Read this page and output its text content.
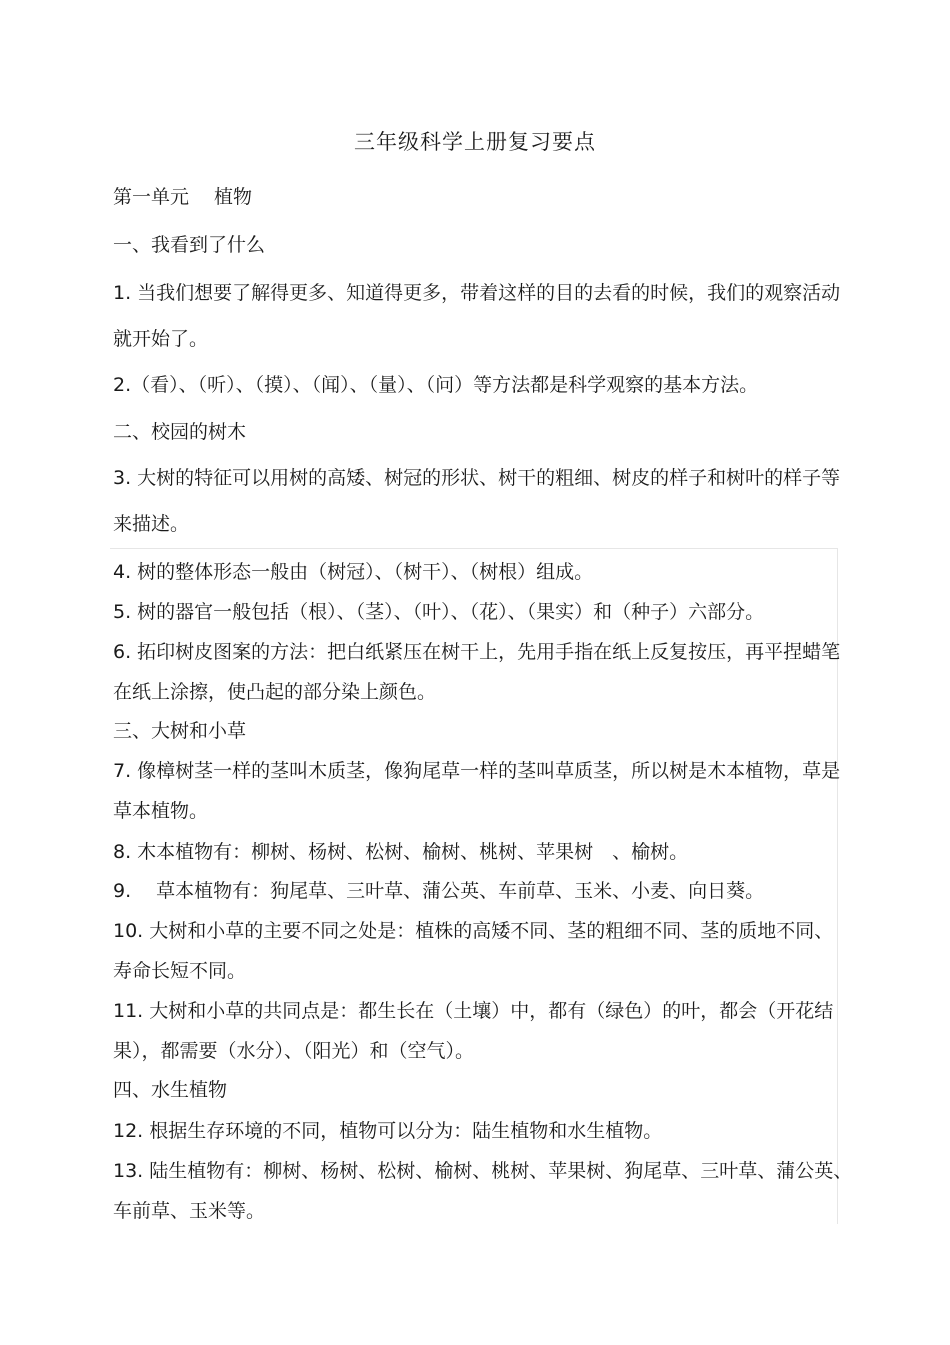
三年级科学上册复习要点
第一单元　 植物
一、我看到了什么
1. 当我们想要了解得更多、知道得更多，带着这样的目的去看的时候，我们的观察活动
就开始了。
2.（看）、（听）、（摸）、（闻）、（量）、（问）等方法都是科学观察的基本方法。
二、校园的树木
3. 大树的特征可以用树的高矮、树冠的形状、树干的粗细、树皮的样子和树叶的样子等
来描述。
4. 树的整体形态一般由（树冠）、（树干）、（树根）组成。
5. 树的器官一般包括（根）、（茎）、（叶）、（花）、（果实）和（种子）六部分。
6. 拓印树皮图案的方法：把白纸紧压在树干上，先用手指在纸上反复按压，再平捏蜡笔
在纸上涂擦，使凸起的部分染上颜色。
三、大树和小草
7. 像樟树茎一样的茎叫木质茎，像狗尾草一样的茎叫草质茎，所以树是木本植物，草是
草本植物。
8. 木本植物有：柳树、杨树、松树、榆树、桃树、苹果树　、榆树。
9.　 草本植物有：狗尾草、三叶草、蒲公英、车前草、玉米、小麦、向日葵。
10. 大树和小草的主要不同之处是：植株的高矮不同、茎的粗细不同、茎的质地不同、
寿命长短不同。
11. 大树和小草的共同点是：都生长在（土壤）中，都有（绿色）的叶，都会（开花结
果），都需要（水分）、（阳光）和（空气）。
四、水生植物
12. 根据生存环境的不同，植物可以分为：陆生植物和水生植物。
13. 陆生植物有：柳树、杨树、松树、榆树、桃树、苹果树、狗尾草、三叶草、蒲公英、
车前草、玉米等。
